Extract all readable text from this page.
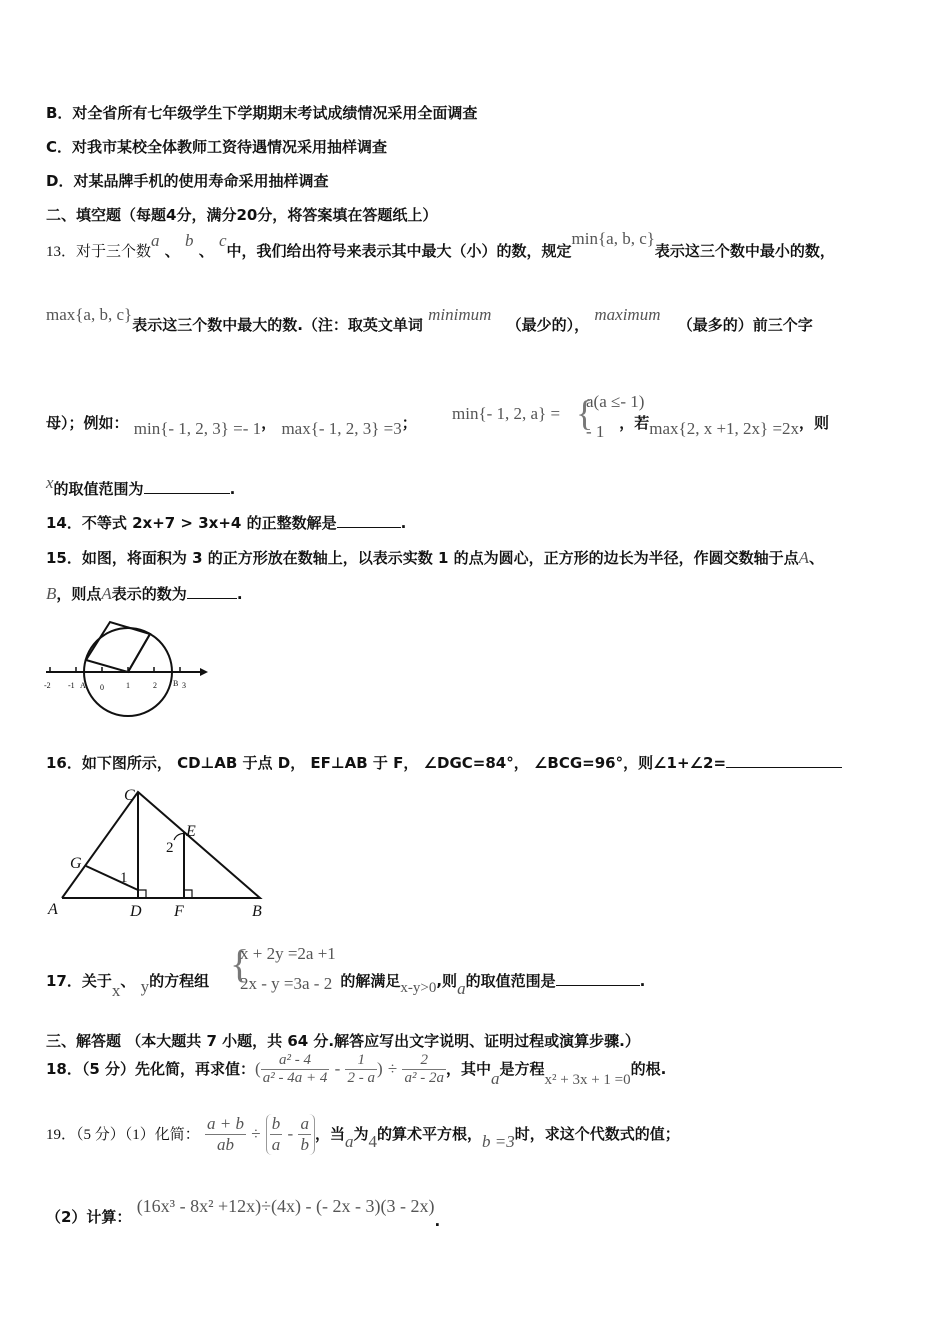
B．对全省所有七年级学生下学期期末考试成绩情况采用全面调查
C．对我市某校全体教师工资待遇情况采用抽样调查
D．对某品牌手机的使用寿命采用抽样调查
二、填空题（每题4分，满分20分，将答案填在答题纸上）
13．对于三个数a 、 b 、 c中，我们给出符号来表示其中最大（小）的数，规定min{a, b, c}表示这三个数中最小的数，
max{a, b, c}表示这三个数中最大的数.（注：取英文单词 minimum （最少的）， maximum （最多的）前三个字
母）；例如： min{- 1, 2, 3} =- 1， max{- 1, 2, 3} =3；	，若max{2, x +1, 2x} =2x，则
min{- 1, 2, a} = {
a(a ≤- 1)
- 1
x的取值范围为	.
14．不等式 2x+7 > 3x+4 的正整数解是	.
15．如图，将面积为 3 的正方形放在数轴上，以表示实数 1 的点为圆心，正方形的边长为半径，作圆交数轴于点A、
B，则点A表示的数为	.
-2 -1 A 0	1	2 B 3
16．如下图所示， CD⊥AB 于点 D， EF⊥AB 于 F， ∠DGC=84°， ∠BCG=96°，则∠1+∠2=
C
E
G
A	D F	B
1
2
17．关于x、 y的方程组	的解满足x-y>0,则a的取值范围是	.
{
x + 2y =2a +1
2x - y =3a - 2
三、解答题 （本大题共 7 小题，共 64 分.解答应写出文字说明、证明过程或演算步骤.）
18．（5 分）先化简，再求值：( $\frac{\text{a² - 4}}{\text{a² - 4a + 4}} - \frac{1}{2 - a}$ ) ÷ $\frac{2}{\text{a² - 2a}}$ ，其中a是方程x² + 3x + 1 =0的根.
19．（5 分）（1）化简： $\frac{a + b}{ab} \div \frac{b}{a} - \frac{a}{b}$ ，当a为4的算术平方根，b =3时，求这个代数式的值；
（2）计算： (16x³ - 8x² +12x)÷(4x) - (- 2x - 3)(3 - 2x).
